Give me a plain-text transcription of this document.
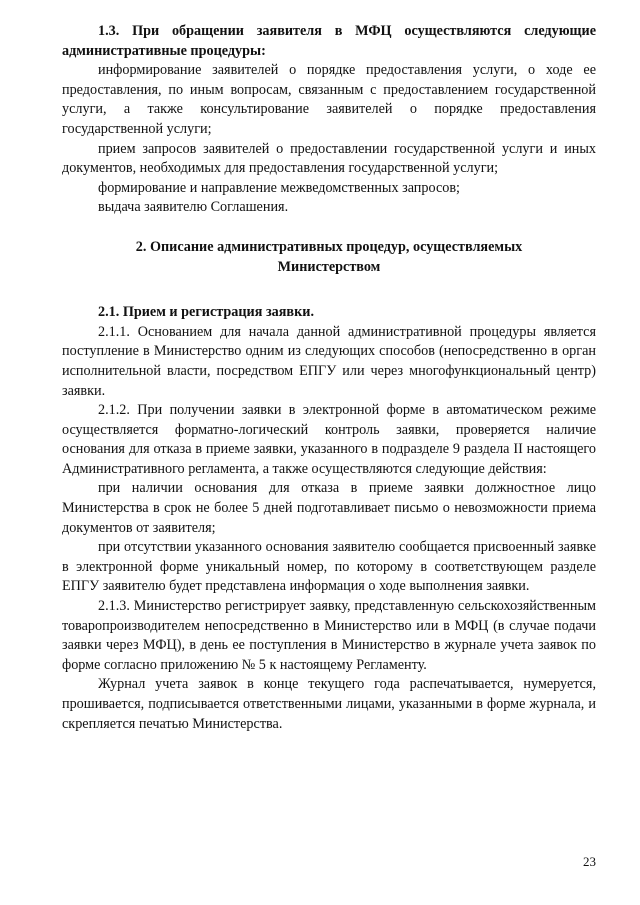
1.3. При обращении заявителя в МФЦ осуществляются следующие административные процедуры:

информирование заявителей о порядке предоставления услуги, о ходе ее предоставления, по иным вопросам, связанным с предоставлением государственной услуги, а также консультирование заявителей о порядке предоставления государственной услуги;

прием запросов заявителей о предоставлении государственной услуги и иных документов, необходимых для предоставления государственной услуги;

формирование и направление межведомственных запросов;

выдача заявителю Соглашения.

2. Описание административных процедур, осуществляемых Министерством

2.1. Прием и регистрация заявки.

2.1.1. Основанием для начала данной административной процедуры является поступление в Министерство одним из следующих способов (непосредственно в орган исполнительной власти, посредством ЕПГУ или через многофункциональный центр) заявки.

2.1.2. При получении заявки в электронной форме в автоматическом режиме осуществляется форматно-логический контроль заявки, проверяется наличие основания для отказа в приеме заявки, указанного в подразделе 9 раздела II настоящего Административного регламента, а также осуществляются следующие действия:

при наличии основания для отказа в приеме заявки должностное лицо Министерства в срок не более 5 дней подготавливает письмо о невозможности приема документов от заявителя;

при отсутствии указанного основания заявителю сообщается присвоенный заявке в электронной форме уникальный номер, по которому в соответствующем разделе ЕПГУ заявителю будет представлена информация о ходе выполнения заявки.

2.1.3. Министерство регистрирует заявку, представленную сельскохозяйственным товаропроизводителем непосредственно в Министерство или в МФЦ (в случае подачи заявки через МФЦ), в день ее поступления в Министерство в журнале учета заявок по форме согласно приложению № 5 к настоящему Регламенту.

Журнал учета заявок в конце текущего года распечатывается, нумеруется, прошивается, подписывается ответственными лицами, указанными в форме журнала, и скрепляется печатью Министерства.

23
